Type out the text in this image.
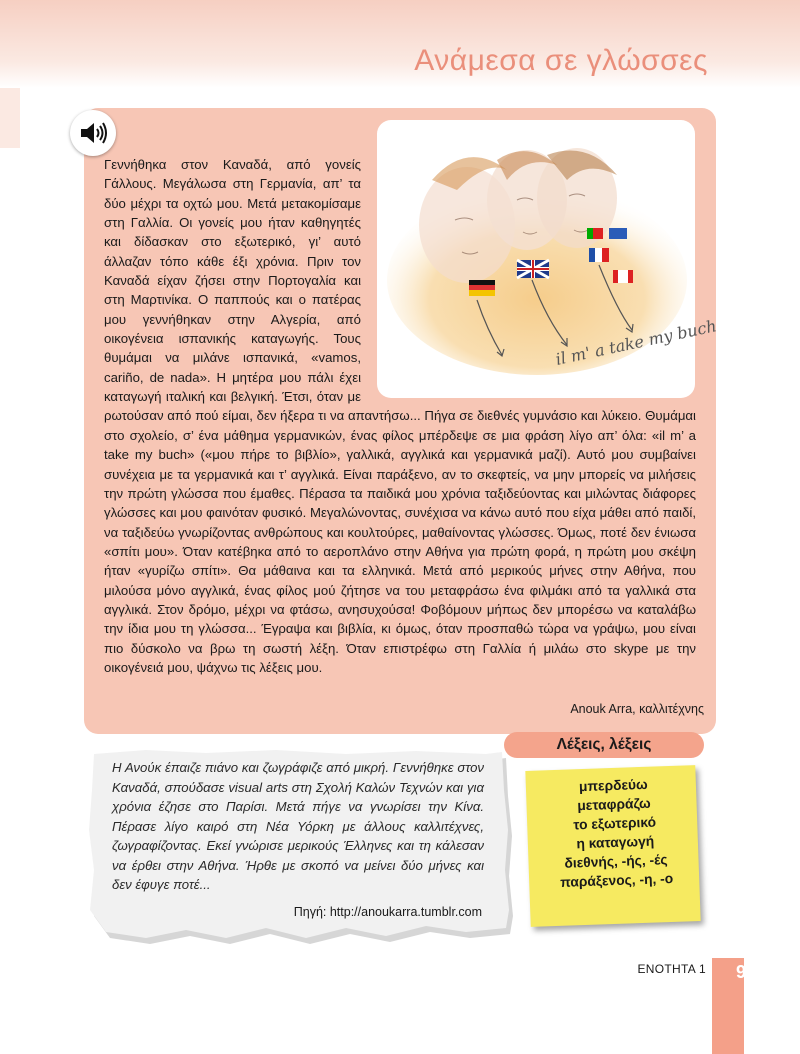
Ανάμεσα σε γλώσσες
il m' a take my buch

Γεννήθηκα στον Καναδά, από γονείς Γάλλους. Μεγάλωσα στη Γερμανία, απ’ τα δύο μέχρι τα οχτώ μου. Μετά μετακομίσαμε στη Γαλλία. Οι γονείς μου ήταν καθηγητές και δίδασκαν στο εξωτερικό, γι’ αυτό άλλαζαν τόπο κάθε έξι χρόνια. Πριν τον Καναδά είχαν ζήσει στην Πορτογαλία και στη Μαρτινίκα. Ο παππούς και ο πατέρας μου γεννήθηκαν στην Αλγερία, από οικογένεια ισπανικής καταγωγής. Τους θυμάμαι να μιλάνε ισπανικά, «vamos, cariño, de nada». Η μητέρα μου πάλι έχει καταγωγή ιταλική και βελγική. Έτσι, όταν με ρωτούσαν από πού είμαι, δεν ήξερα τι να απαντήσω... Πήγα σε διεθνές γυμνάσιο και λύκειο. Θυμάμαι στο σχολείο, σ’ ένα μάθημα γερμανικών, ένας φίλος μπέρδεψε σε μια φράση λίγο απ’ όλα: «il m’ a take my buch» («μου πήρε το βιβλίο», γαλλικά, αγγλικά και γερμανικά μαζί). Αυτό μου συμβαίνει συνέχεια με τα γερμανικά και τ’ αγγλικά. Είναι παράξενο, αν το σκεφτείς, να μην μπορείς να μιλήσεις την πρώτη γλώσσα που έμαθες. Πέρασα τα παιδικά μου χρόνια ταξιδεύοντας και μιλώντας διάφορες γλώσσες και μου φαινόταν φυσικό. Μεγαλώνοντας, συνέχισα να κάνω αυτό που είχα μάθει από παιδί, να ταξιδεύω γνωρίζοντας ανθρώπους και κουλτούρες, μαθαίνοντας γλώσσες. Όμως, ποτέ δεν ένιωσα «σπίτι μου». Όταν κατέβηκα από το αεροπλάνο στην Αθήνα για πρώτη φορά, η πρώτη μου σκέψη ήταν «γυρίζω σπίτι». Θα μάθαινα και τα ελληνικά. Μετά από μερικούς μήνες στην Αθήνα, που μιλούσα μόνο αγγλικά, ένας φίλος μού ζήτησε να του μεταφράσω ένα φιλμάκι από τα γαλλικά στα αγγλικά. Στον δρόμο, μέχρι να φτάσω, ανησυχούσα! Φοβόμουν μήπως δεν μπορέσω να καταλάβω την ίδια μου τη γλώσσα... Έγραψα και βιβλία, κι όμως, όταν προσπαθώ τώρα να γράψω, μου είναι πιο δύσκολο να βρω τη σωστή λέξη. Όταν επιστρέφω στη Γαλλία ή μιλάω στο skype με την οικογένειά μου, ψάχνω τις λέξεις μου.

Anouk Arra, καλλιτέχνης
Λέξεις, λέξεις
μπερδεύω
μεταφράζω
το εξωτερικό
η καταγωγή
διεθνής, -ής, -ές
παράξενος, -η, -ο

Η Ανούκ έπαιζε πιάνο και ζωγράφιζε από μικρή. Γεννήθηκε στον Καναδά, σπούδασε visual arts στη Σχολή Καλών Τεχνών και για χρόνια έζησε στο Παρίσι. Μετά πήγε να γνωρίσει την Κίνα. Πέρασε λίγο καιρό στη Νέα Υόρκη με άλλους καλλιτέχνες, ζωγραφίζοντας. Εκεί γνώρισε μερικούς Έλληνες και τη κάλεσαν να έρθει στην Αθήνα. Ήρθε με σκοπό να μείνει δύο μήνες και δεν έφυγε ποτέ...

Πηγή: http://anoukarra.tumblr.com
ΕΝΟΤΗΤΑ 1 9
